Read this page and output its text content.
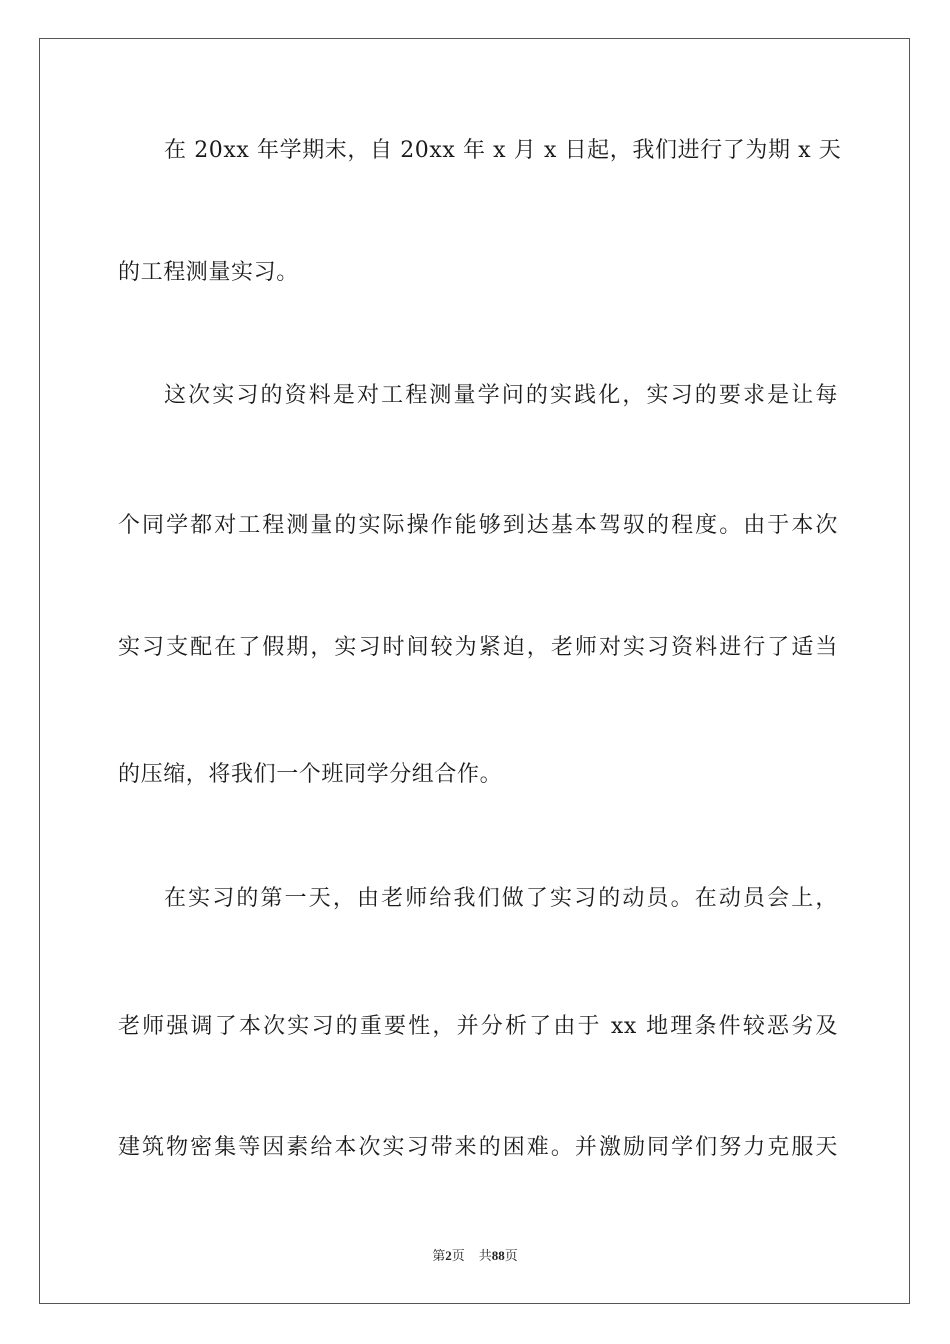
在 20xx 年学期末，自 20xx 年 x 月 x 日起，我们进行了为期 x 天
的工程测量实习。
这次实习的资料是对工程测量学问的实践化，实习的要求是让每
个同学都对工程测量的实际操作能够到达基本驾驭的程度。由于本次
实习支配在了假期，实习时间较为紧迫，老师对实习资料进行了适当
的压缩，将我们一个班同学分组合作。
在实习的第一天，由老师给我们做了实习的动员。在动员会上，
老师强调了本次实习的重要性，并分析了由于 xx 地理条件较恶劣及
建筑物密集等因素给本次实习带来的困难。并激励同学们努力克服天
第2页 共88页
